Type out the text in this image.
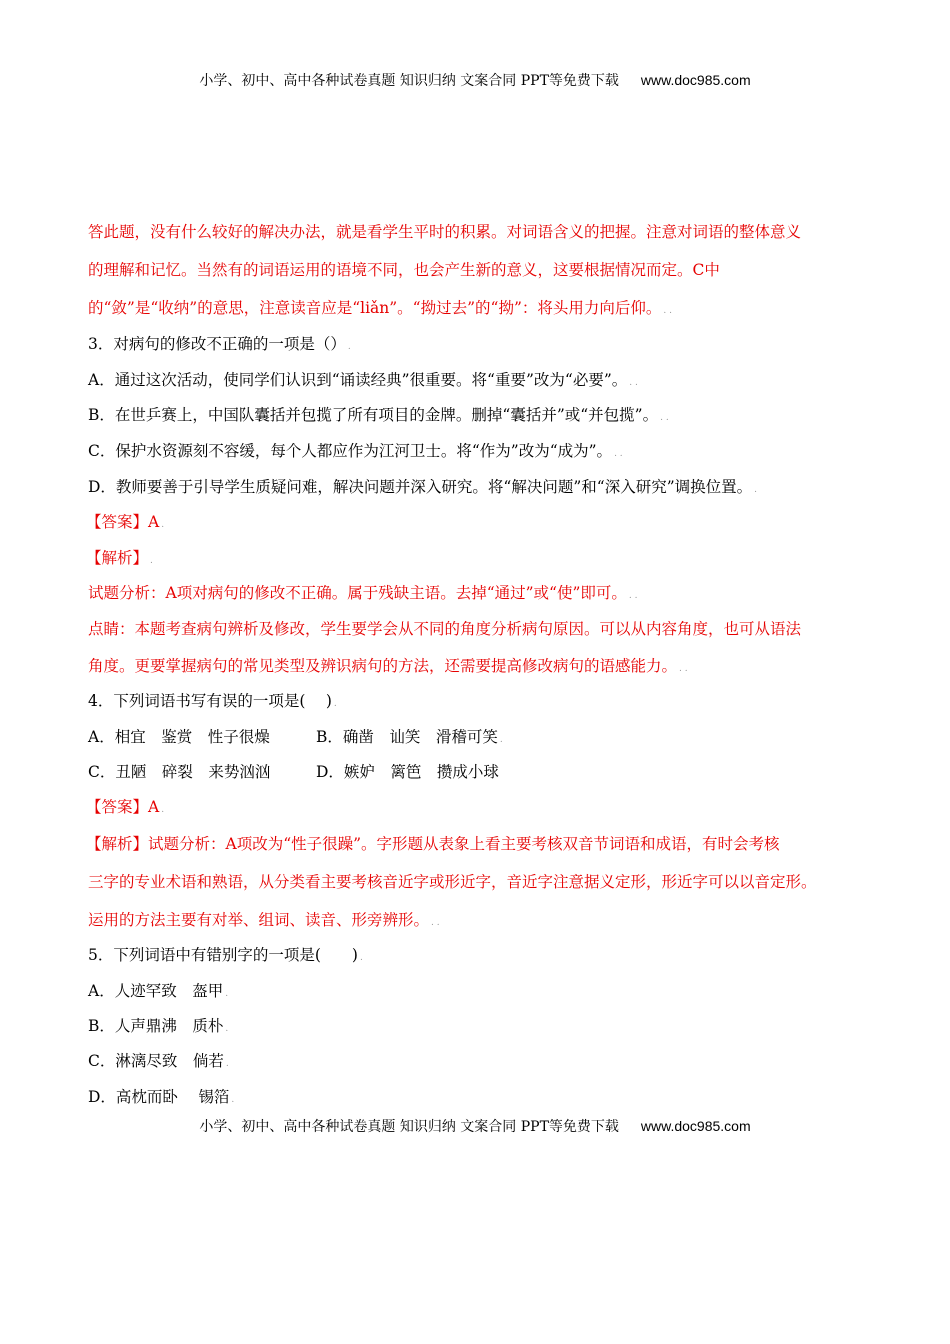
小学、初中、高中各种试卷真题 知识归纳 文案合同 PPT等免费下载 www.doc985.com
答此题，没有什么较好的解决办法，就是看学生平时的积累。对词语含义的把握。注意对词语的整体意义
的理解和记忆。当然有的词语运用的语境不同，也会产生新的意义，这要根据情况而定。C中
的“敛”是“收纳”的意思，注意读音应是“liǎn”。“拗过去”的“拗”：将头用力向后仰。 . .
3．对病句的修改不正确的一项是（） .
A．通过这次活动，使同学们认识到“诵读经典”很重要。将“重要”改为“必要”。 . .
B．在世乒赛上，中国队囊括并包揽了所有项目的金牌。删掉“囊括并”或“并包揽”。 . .
C．保护水资源刻不容缓，每个人都应作为江河卫士。将“作为”改为“成为”。 . .
D．教师要善于引导学生质疑问难，解决问题并深入研究。将“解决问题”和“深入研究”调换位置。 .
【答案】A .
【解析】 .
试题分析：A项对病句的修改不正确。属于残缺主语。去掉“通过”或“使”即可。 . .
点睛：本题考查病句辨析及修改，学生要学会从不同的角度分析病句原因。可以从内容角度，也可从语法
角度。更要掌握病句的常见类型及辨识病句的方法，还需要提高修改病句的语感能力。 . .
4．下列词语书写有误的一项是(　 ) .
A．相宜　鉴赏　性子很燥	B．确凿　讪笑　滑稽可笑 .
C．丑陋　碎裂　来势汹汹	D．嫉妒　篱笆　攒成小球
【答案】A .
【解析】试题分析：A项改为“性子很躁”。字形题从表象上看主要考核双音节词语和成语，有时会考核
三字的专业术语和熟语，从分类看主要考核音近字或形近字，音近字注意据义定形，形近字可以以音定形。
运用的方法主要有对举、组词、读音、形旁辨形。 . .
5．下列词语中有错别字的一项是(　　) .
A．人迹罕致　盔甲 .
B．人声鼎沸　质朴 .
C．淋漓尽致　倘若 .
D．高枕而卧　 锡箔 .
小学、初中、高中各种试卷真题 知识归纳 文案合同 PPT等免费下载 www.doc985.com
